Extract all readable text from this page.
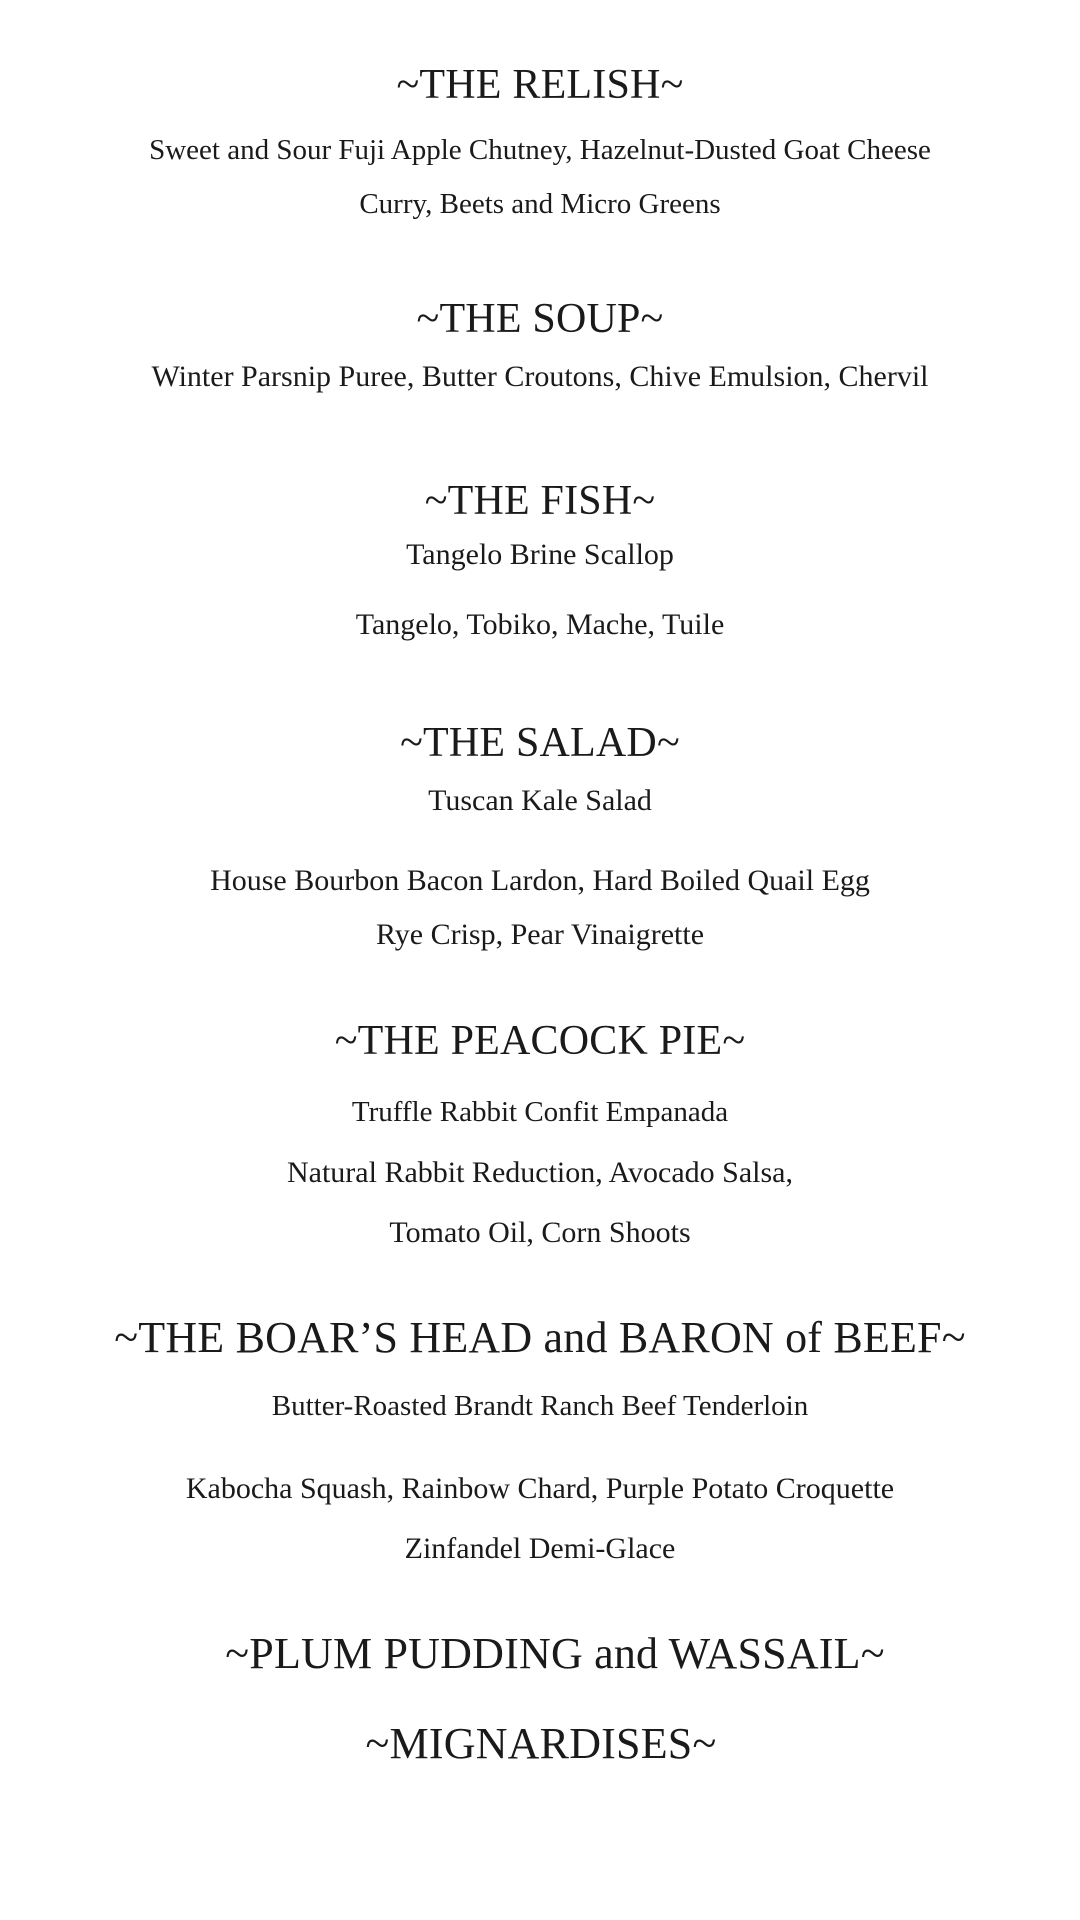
~THE RELISH~
Sweet and Sour Fuji Apple Chutney, Hazelnut-Dusted Goat Cheese
Curry, Beets and Micro Greens
~THE SOUP~
Winter Parsnip Puree, Butter Croutons, Chive Emulsion, Chervil
~THE FISH~
Tangelo Brine Scallop
Tangelo, Tobiko, Mache, Tuile
~THE SALAD~
Tuscan Kale Salad
House Bourbon Bacon Lardon, Hard Boiled Quail Egg
Rye Crisp, Pear Vinaigrette
~THE PEACOCK PIE~
Truffle Rabbit Confit Empanada
Natural Rabbit Reduction, Avocado Salsa,
Tomato Oil, Corn Shoots
~THE BOAR’S HEAD and BARON of BEEF~
Butter-Roasted Brandt Ranch Beef Tenderloin
Kabocha Squash, Rainbow Chard, Purple Potato Croquette
Zinfandel Demi-Glace
~PLUM PUDDING and WASSAIL~
~MIGNARDISES~
